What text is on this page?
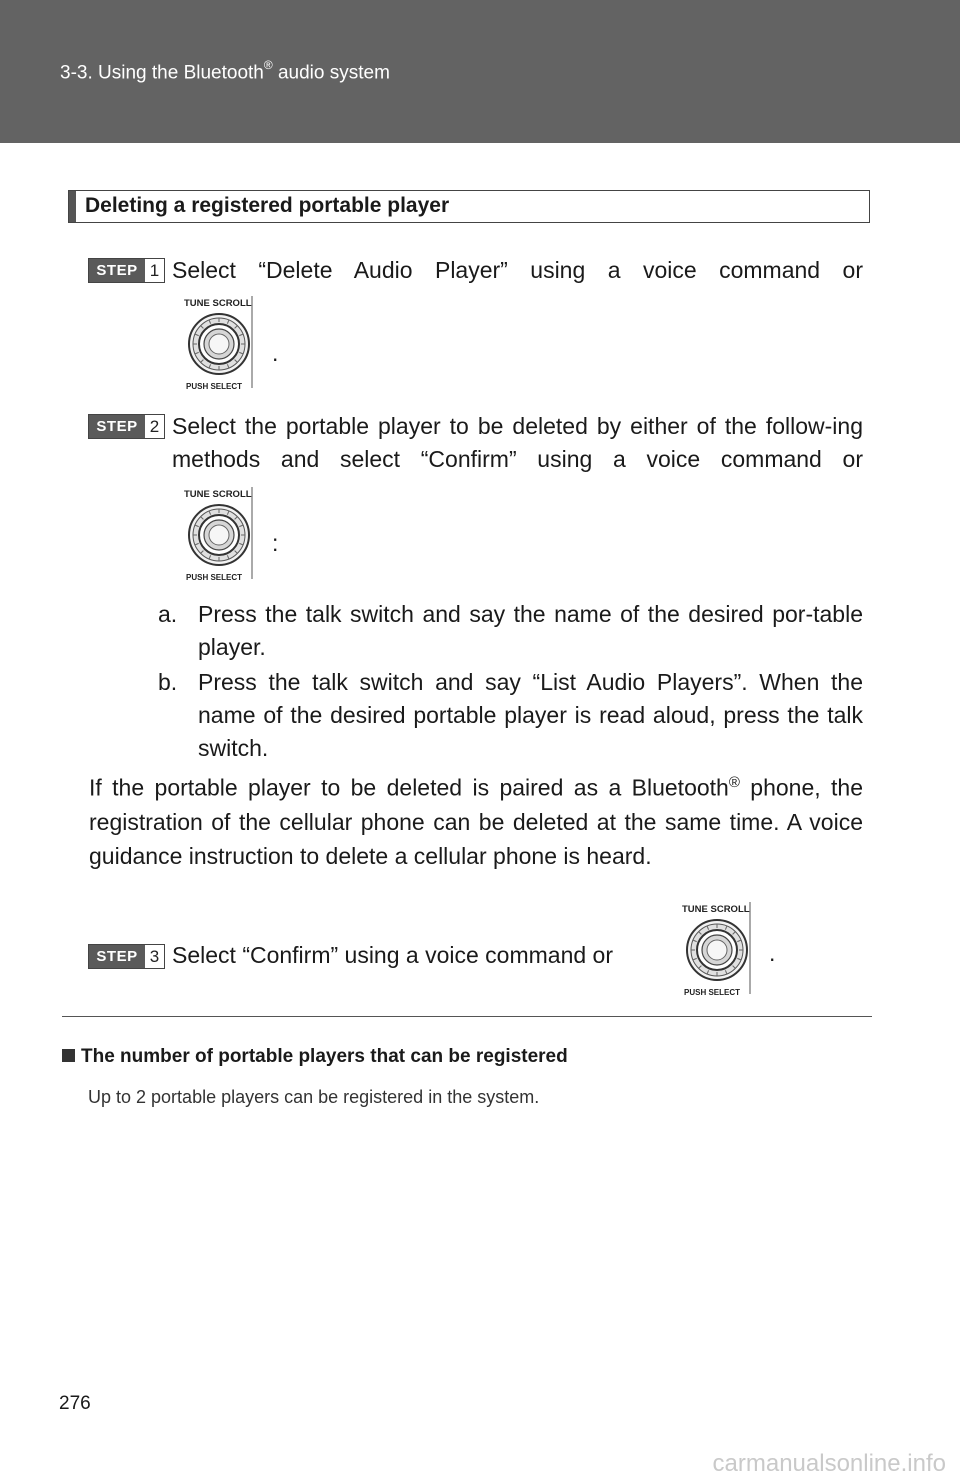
3-3. Using the Bluetooth® audio system
Deleting a registered portable player
STEP 1 Select “Delete Audio Player” using a voice command or
TUNE SCROLL
PUSH SELECT
.
STEP 2 Select the portable player to be deleted by either of the follow-ing methods and select “Confirm” using a voice command or
TUNE SCROLL
PUSH SELECT
:
a. Press the talk switch and say the name of the desired por-table player.
b. Press the talk switch and say “List Audio Players”. When the name of the desired portable player is read aloud, press the talk switch.
If the portable player to be deleted is paired as a Bluetooth® phone, the registration of the cellular phone can be deleted at the same time. A voice guidance instruction to delete a cellular phone is heard.
STEP 3 Select “Confirm” using a voice command or
TUNE SCROLL
PUSH SELECT
.
The number of portable players that can be registered
Up to 2 portable players can be registered in the system.
276
carmanualsonline.info
